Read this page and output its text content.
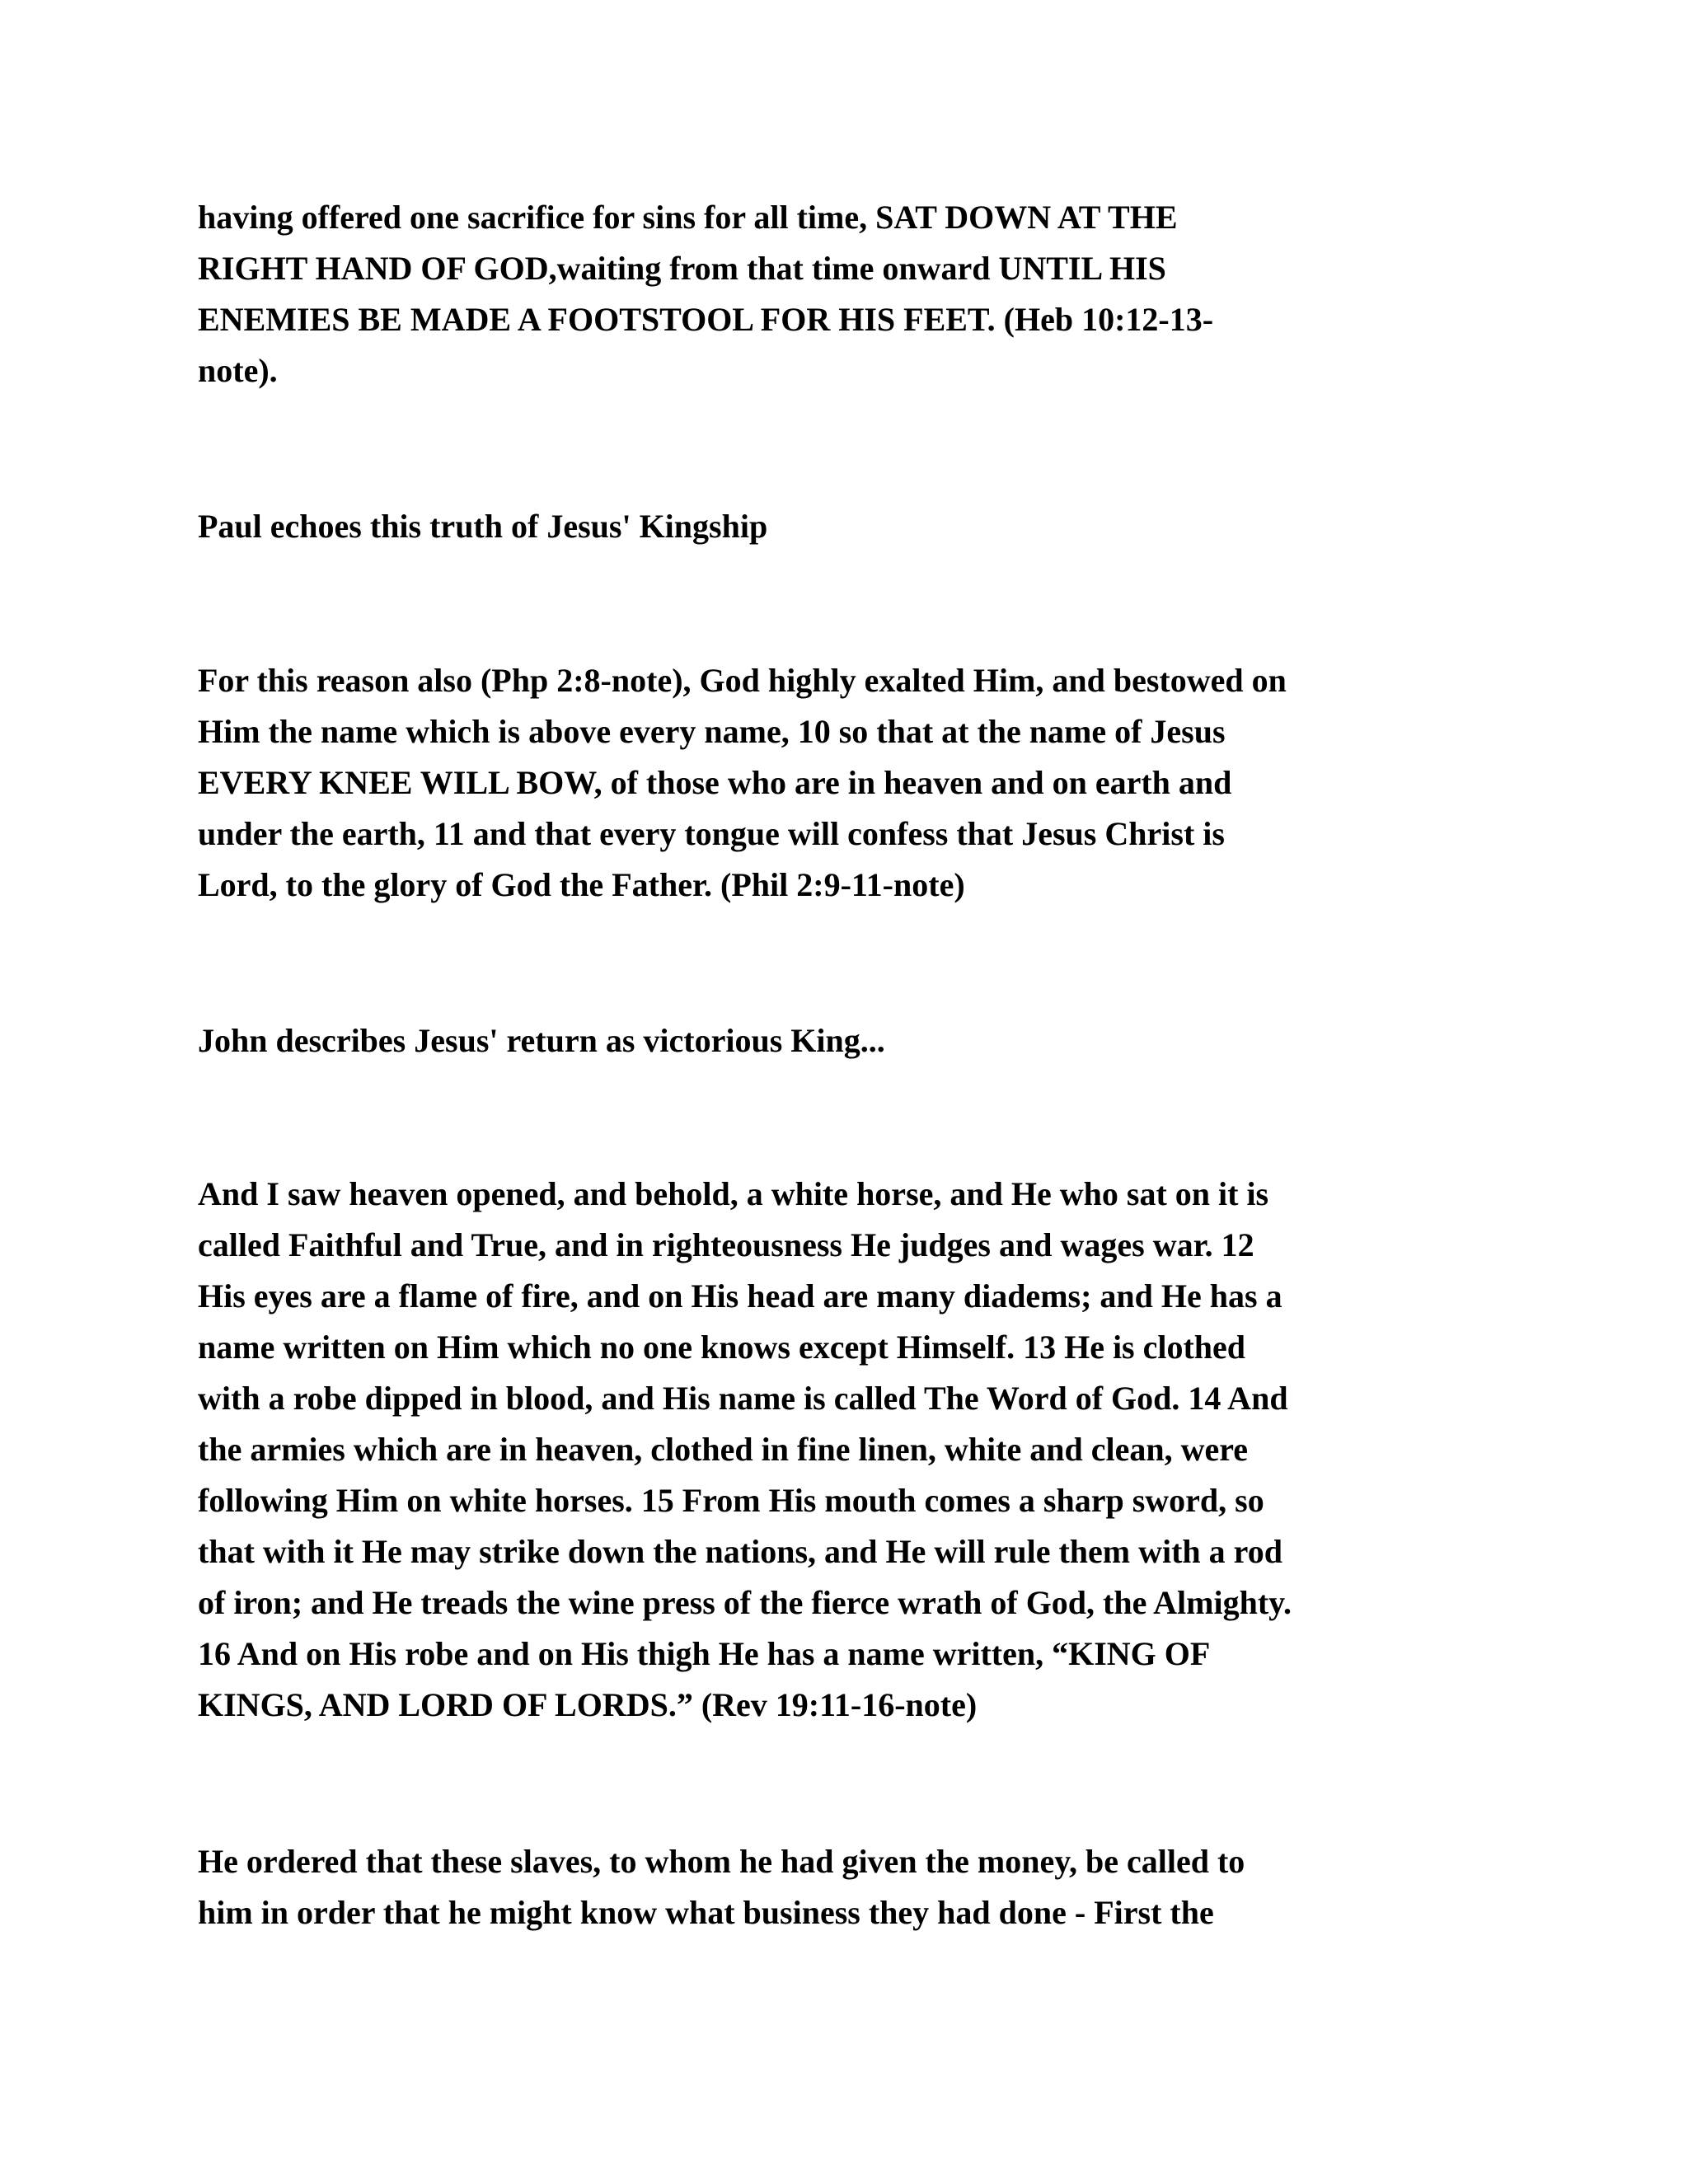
having offered one sacrifice for sins for all time, SAT DOWN AT THE
RIGHT HAND OF GOD,waiting from that time onward UNTIL HIS
ENEMIES BE MADE A FOOTSTOOL FOR HIS FEET. (Heb 10:12-13-
note).

Paul echoes this truth of Jesus' Kingship

For this reason also (Php 2:8-note), God highly exalted Him, and bestowed on
Him the name which is above every name, 10 so that at the name of Jesus
EVERY KNEE WILL BOW, of those who are in heaven and on earth and
under the earth, 11 and that every tongue will confess that Jesus Christ is
Lord, to the glory of God the Father. (Phil 2:9-11-note)

John describes Jesus' return as victorious King...

And I saw heaven opened, and behold, a white horse, and He who sat on it is
called Faithful and True, and in righteousness He judges and wages war. 12
His eyes are a flame of fire, and on His head are many diadems; and He has a
name written on Him which no one knows except Himself. 13 He is clothed
with a robe dipped in blood, and His name is called The Word of God. 14 And
the armies which are in heaven, clothed in fine linen, white and clean, were
following Him on white horses. 15 From His mouth comes a sharp sword, so
that with it He may strike down the nations, and He will rule them with a rod
of iron; and He treads the wine press of the fierce wrath of God, the Almighty.
16 And on His robe and on His thigh He has a name written, “KING OF
KINGS, AND LORD OF LORDS.” (Rev 19:11-16-note)

He ordered that these slaves, to whom he had given the money, be called to
him in order that he might know what business they had done - First the
